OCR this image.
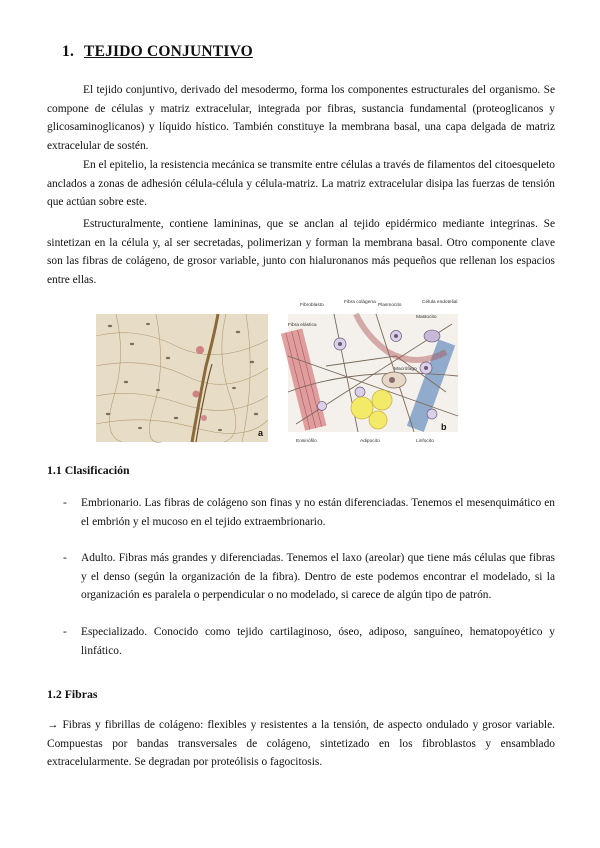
1. TEJIDO CONJUNTIVO

El tejido conjuntivo, derivado del mesodermo, forma los componentes estructurales del organismo. Se compone de células y matriz extracelular, integrada por fibras, sustancia fundamental (proteoglicanos y glicosaminoglicanos) y líquido hístico. También constituye la membrana basal, una capa delgada de matriz extracelular de sostén.

En el epitelio, la resistencia mecánica se transmite entre células a través de filamentos del citoesqueleto anclados a zonas de adhesión célula-célula y célula-matriz. La matriz extracelular disipa las fuerzas de tensión que actúan sobre este.

Estructuralmente, contiene lamininas, que se anclan al tejido epidérmico mediante integrinas. Se sintetizan en la célula y, al ser secretadas, polimerizan y forman la membrana basal. Otro componente clave son las fibras de colágeno, de grosor variable, junto con hialuronanos más pequeños que rellenan los espacios entre ellas.

a
Fibroblasto
Fibra colágena
Plasmocito
Célula endotelial
Mastocito
Fibra elástica
Macrófago
Eosinófilo	Adipocito	Linfocito
b
1.1 Clasificación
- Embrionario. Las fibras de colágeno son finas y no están diferenciadas. Tenemos el mesenquimático en el embrión y el mucoso en el tejido extraembrionario.
- Adulto. Fibras más grandes y diferenciadas. Tenemos el laxo (areolar) que tiene más células que fibras y el denso (según la organización de la fibra). Dentro de este podemos encontrar el modelado, si la organización es paralela o perpendicular o no modelado, si carece de algún tipo de patrón.
- Especializado. Conocido como tejido cartilaginoso, óseo, adiposo, sanguíneo, hematopoyético y linfático.
1.2 Fibras

→ Fibras y fibrillas de colágeno: flexibles y resistentes a la tensión, de aspecto ondulado y grosor variable. Compuestas por bandas transversales de colágeno, sintetizado en los fibroblastos y ensamblado extracelularmente. Se degradan por proteólisis o fagocitosis.
